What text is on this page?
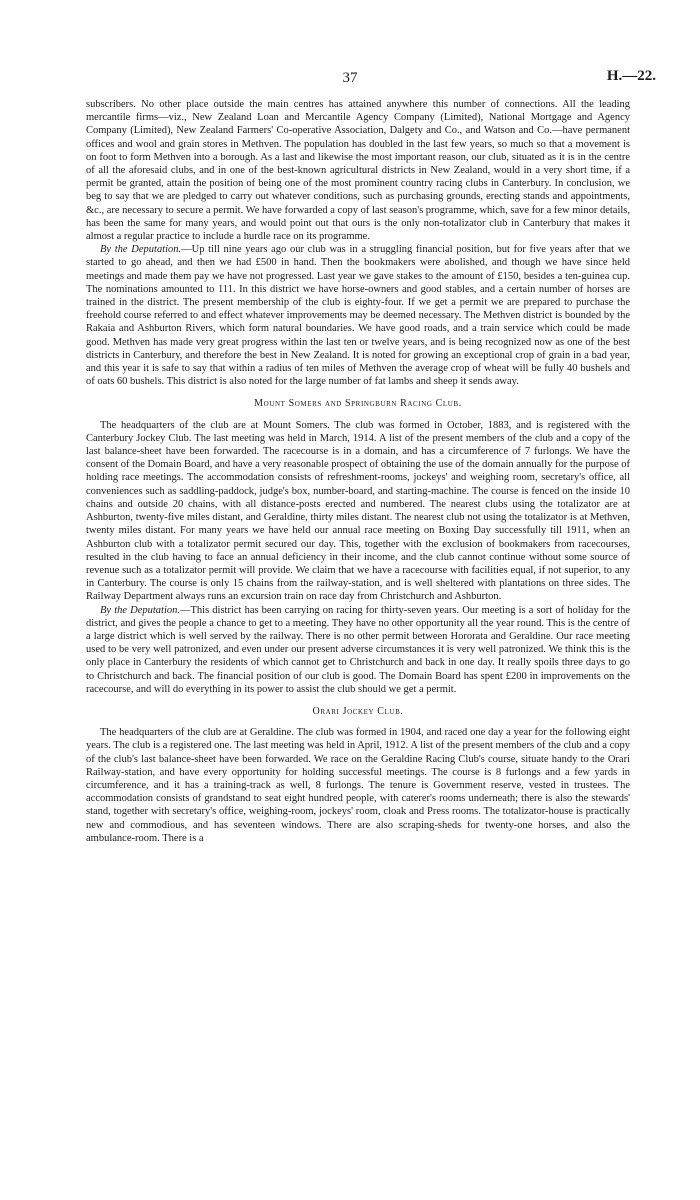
37	H.—22.

subscribers. No other place outside the main centres has attained anywhere this number of connections. All the leading mercantile firms—viz., New Zealand Loan and Mercantile Agency Company (Limited), National Mortgage and Agency Company (Limited), New Zealand Farmers' Co-operative Association, Dalgety and Co., and Watson and Co.—have permanent offices and wool and grain stores in Methven. The population has doubled in the last few years, so much so that a movement is on foot to form Methven into a borough. As a last and likewise the most important reason, our club, situated as it is in the centre of all the aforesaid clubs, and in one of the best-known agricultural districts in New Zealand, would in a very short time, if a permit be granted, attain the position of being one of the most prominent country racing clubs in Canterbury. In conclusion, we beg to say that we are pledged to carry out whatever conditions, such as purchasing grounds, erecting stands and appointments, &c., are necessary to secure a permit. We have forwarded a copy of last season's programme, which, save for a few minor details, has been the same for many years, and would point out that ours is the only non-totalizator club in Canterbury that makes it almost a regular practice to include a hurdle race on its programme.

By the Deputation.—Up till nine years ago our club was in a struggling financial position, but for five years after that we started to go ahead, and then we had £500 in hand. Then the bookmakers were abolished, and though we have since held meetings and made them pay we have not progressed. Last year we gave stakes to the amount of £150, besides a ten-guinea cup. The nominations amounted to 111. In this district we have horse-owners and good stables, and a certain number of horses are trained in the district. The present membership of the club is eighty-four. If we get a permit we are prepared to purchase the freehold course referred to and effect whatever improvements may be deemed necessary. The Methven district is bounded by the Rakaia and Ashburton Rivers, which form natural boundaries. We have good roads, and a train service which could be made good. Methven has made very great progress within the last ten or twelve years, and is being recognized now as one of the best districts in Canterbury, and therefore the best in New Zealand. It is noted for growing an exceptional crop of grain in a bad year, and this year it is safe to say that within a radius of ten miles of Methven the average crop of wheat will be fully 40 bushels and of oats 60 bushels. This district is also noted for the large number of fat lambs and sheep it sends away.

Mount Somers and Springburn Racing Club.

The headquarters of the club are at Mount Somers. The club was formed in October, 1883, and is registered with the Canterbury Jockey Club. The last meeting was held in March, 1914. A list of the present members of the club and a copy of the last balance-sheet have been forwarded. The racecourse is in a domain, and has a circumference of 7 furlongs. We have the consent of the Domain Board, and have a very reasonable prospect of obtaining the use of the domain annually for the purpose of holding race meetings. The accommodation consists of refreshment-rooms, jockeys' and weighing room, secretary's office, all conveniences such as saddling-paddock, judge's box, number-board, and starting-machine. The course is fenced on the inside 10 chains and outside 20 chains, with all distance-posts erected and numbered. The nearest clubs using the totalizator are at Ashburton, twenty-five miles distant, and Geraldine, thirty miles distant. The nearest club not using the totalizator is at Methven, twenty miles distant. For many years we have held our annual race meeting on Boxing Day successfully till 1911, when an Ashburton club with a totalizator permit secured our day. This, together with the exclusion of bookmakers from racecourses, resulted in the club having to face an annual deficiency in their income, and the club cannot continue without some source of revenue such as a totalizator permit will provide. We claim that we have a racecourse with facilities equal, if not superior, to any in Canterbury. The course is only 15 chains from the railway-station, and is well sheltered with plantations on three sides. The Railway Department always runs an excursion train on race day from Christchurch and Ashburton.

By the Deputation.—This district has been carrying on racing for thirty-seven years. Our meeting is a sort of holiday for the district, and gives the people a chance to get to a meeting. They have no other opportunity all the year round. This is the centre of a large district which is well served by the railway. There is no other permit between Hororata and Geraldine. Our race meeting used to be very well patronized, and even under our present adverse circumstances it is very well patronized. We think this is the only place in Canterbury the residents of which cannot get to Christchurch and back in one day. It really spoils three days to go to Christchurch and back. The financial position of our club is good. The Domain Board has spent £200 in improvements on the racecourse, and will do everything in its power to assist the club should we get a permit.

Orari Jockey Club.

The headquarters of the club are at Geraldine. The club was formed in 1904, and raced one day a year for the following eight years. The club is a registered one. The last meeting was held in April, 1912. A list of the present members of the club and a copy of the club's last balance-sheet have been forwarded. We race on the Geraldine Racing Club's course, situate handy to the Orari Railway-station, and have every opportunity for holding successful meetings. The course is 8 furlongs and a few yards in circumference, and it has a training-track as well, 8 furlongs. The tenure is Government reserve, vested in trustees. The accommodation consists of grandstand to seat eight hundred people, with caterer's rooms underneath; there is also the stewards' stand, together with secretary's office, weighing-room, jockeys' room, cloak and Press rooms. The totalizator-house is practically new and commodious, and has seventeen windows. There are also scraping-sheds for twenty-one horses, and also the ambulance-room. There is a
